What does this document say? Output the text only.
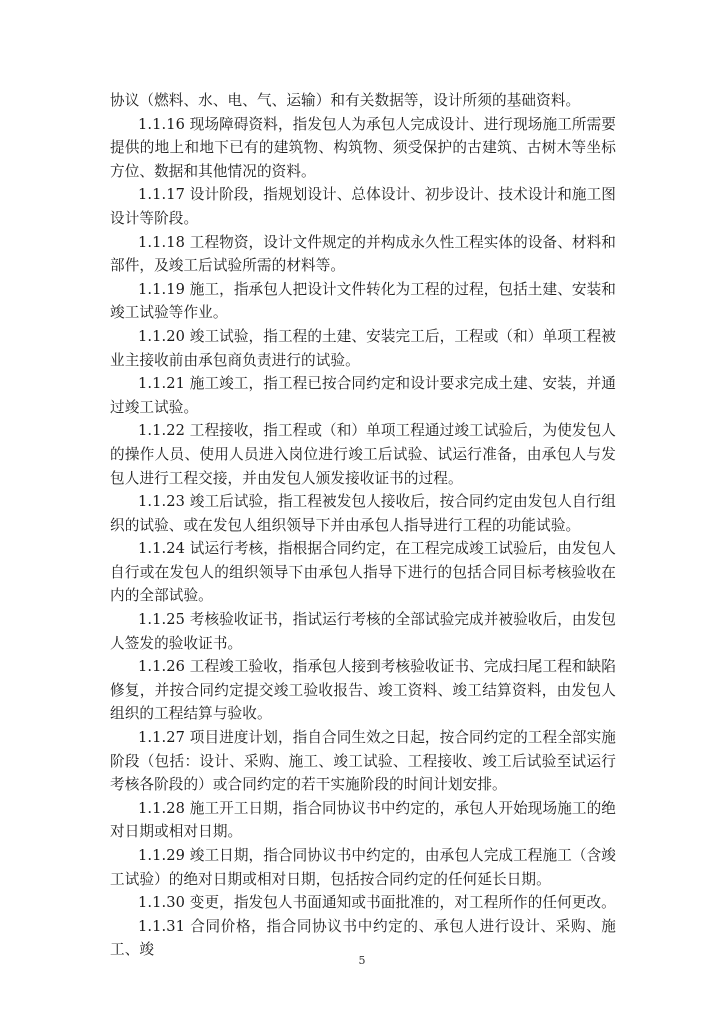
协议（燃料、水、电、气、运输）和有关数据等，设计所须的基础资料。

1.1.16 现场障碍资料，指发包人为承包人完成设计、进行现场施工所需要提供的地上和地下已有的建筑物、构筑物、须受保护的古建筑、古树木等坐标方位、数据和其他情况的资料。

1.1.17 设计阶段，指规划设计、总体设计、初步设计、技术设计和施工图设计等阶段。

1.1.18 工程物资，设计文件规定的并构成永久性工程实体的设备、材料和部件，及竣工后试验所需的材料等。

1.1.19 施工，指承包人把设计文件转化为工程的过程，包括土建、安装和竣工试验等作业。

1.1.20 竣工试验，指工程的土建、安装完工后，工程或（和）单项工程被业主接收前由承包商负责进行的试验。

1.1.21 施工竣工，指工程已按合同约定和设计要求完成土建、安装，并通过竣工试验。

1.1.22 工程接收，指工程或（和）单项工程通过竣工试验后，为使发包人的操作人员、使用人员进入岗位进行竣工后试验、试运行准备，由承包人与发包人进行工程交接，并由发包人颁发接收证书的过程。

1.1.23 竣工后试验，指工程被发包人接收后，按合同约定由发包人自行组织的试验、或在发包人组织领导下并由承包人指导进行工程的功能试验。

1.1.24 试运行考核，指根据合同约定，在工程完成竣工试验后，由发包人自行或在发包人的组织领导下由承包人指导下进行的包括合同目标考核验收在内的全部试验。

1.1.25 考核验收证书，指试运行考核的全部试验完成并被验收后，由发包人签发的验收证书。

1.1.26 工程竣工验收，指承包人接到考核验收证书、完成扫尾工程和缺陷修复，并按合同约定提交竣工验收报告、竣工资料、竣工结算资料，由发包人组织的工程结算与验收。

1.1.27 项目进度计划，指自合同生效之日起，按合同约定的工程全部实施阶段（包括：设计、采购、施工、竣工试验、工程接收、竣工后试验至试运行考核各阶段的）或合同约定的若干实施阶段的时间计划安排。

1.1.28 施工开工日期，指合同协议书中约定的，承包人开始现场施工的绝对日期或相对日期。

1.1.29 竣工日期，指合同协议书中约定的，由承包人完成工程施工（含竣工试验）的绝对日期或相对日期，包括按合同约定的任何延长日期。

1.1.30 变更，指发包人书面通知或书面批准的，对工程所作的任何更改。

1.1.31 合同价格，指合同协议书中约定的、承包人进行设计、采购、施工、竣

5
